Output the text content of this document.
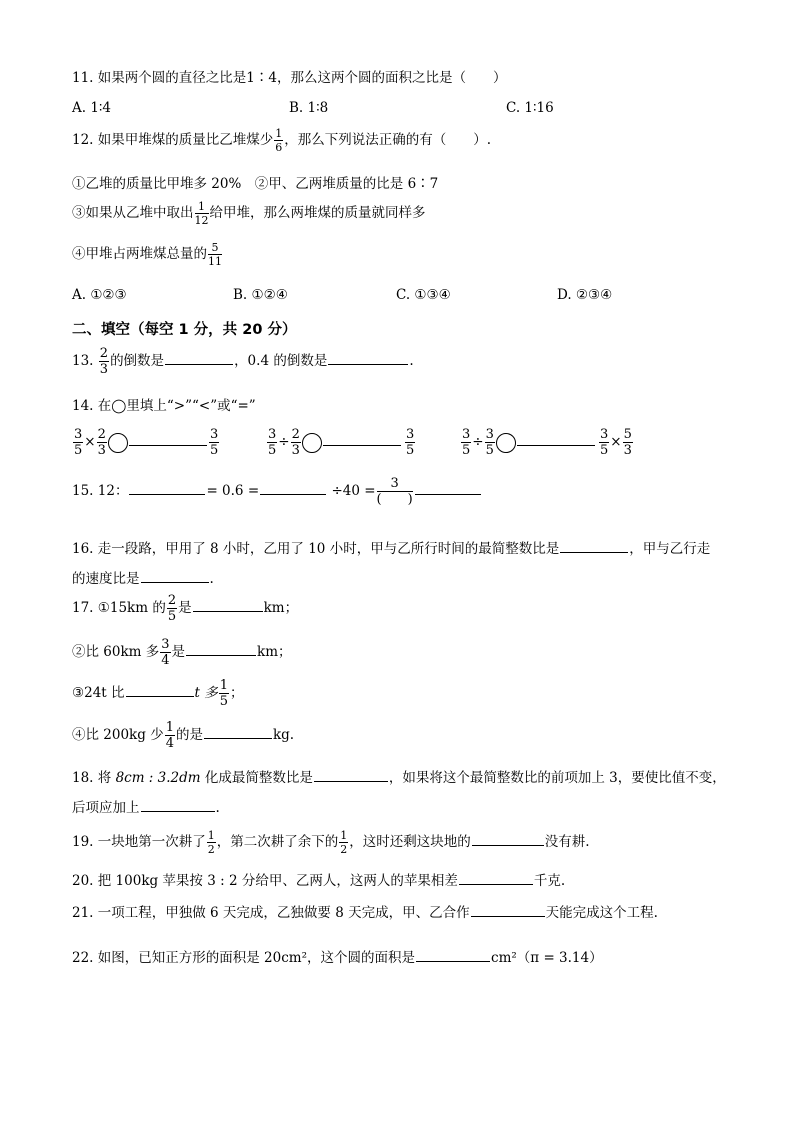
11. 如果两个圆的直径之比是1∶4，那么这两个圆的面积之比是（　　）
A. 1∶4	B. 1∶8	C. 1∶16
12. 如果甲堆煤的质量比乙堆煤少 $\frac{1}{6}$ ，那么下列说法正确的有（　　）.
①乙堆的质量比甲堆多 20%　②甲、乙两堆质量的比是 6∶7
③如果从乙堆中取出 $\frac{1}{12}$ 给甲堆，那么两堆煤的质量就同样多
④甲堆占两堆煤总量的 $\frac{5}{11}$
A. ①②③	B. ①②④	C. ①③④	D. ②③④
二、填空（每空 1 分，共 20 分）
13. $\frac{2}{3}$ 的倒数是	，0.4 的倒数是	.
14. 在◯里填上“>”“<”或“=”
$\frac{3}{5} \times \frac{2}{3}$	$\frac{3}{5}$	$\frac{3}{5} \div \frac{2}{3}$	$\frac{3}{5}$	$\frac{3}{5} \div \frac{3}{5}$	$\frac{3}{5} \times \frac{5}{3}$
15. 12：	= 0.6 =	$\div 40 = \frac{3}{( )}$
16. 走一段路，甲用了 8 小时，乙用了 10 小时，甲与乙所行时间的最简整数比是	，甲与乙行走
的速度比是	.
17. ①15km 的 $\frac{2}{5}$ 是	km；
②比 60km 多 $\frac{3}{4}$ 是	km；
③24t 比	t 多 $\frac{1}{5}$ ；
④比 200kg 少 $\frac{1}{4}$ 的是	kg.
18. 将 8cm : 3.2dm 化成最简整数比是	，如果将这个最简整数比的前项加上 3，要使比值不变，
后项应加上	.
19. 一块地第一次耕了 $\frac{1}{2}$ ，第二次耕了余下的 $\frac{1}{2}$ ，这时还剩这块地的	没有耕.
20. 把 100kg 苹果按 3 : 2 分给甲、乙两人，这两人的苹果相差	千克.
21. 一项工程，甲独做 6 天完成，乙独做要 8 天完成，甲、乙合作	天能完成这个工程.
22. 如图，已知正方形的面积是 20cm²，这个圆的面积是	cm²（π = 3.14）
